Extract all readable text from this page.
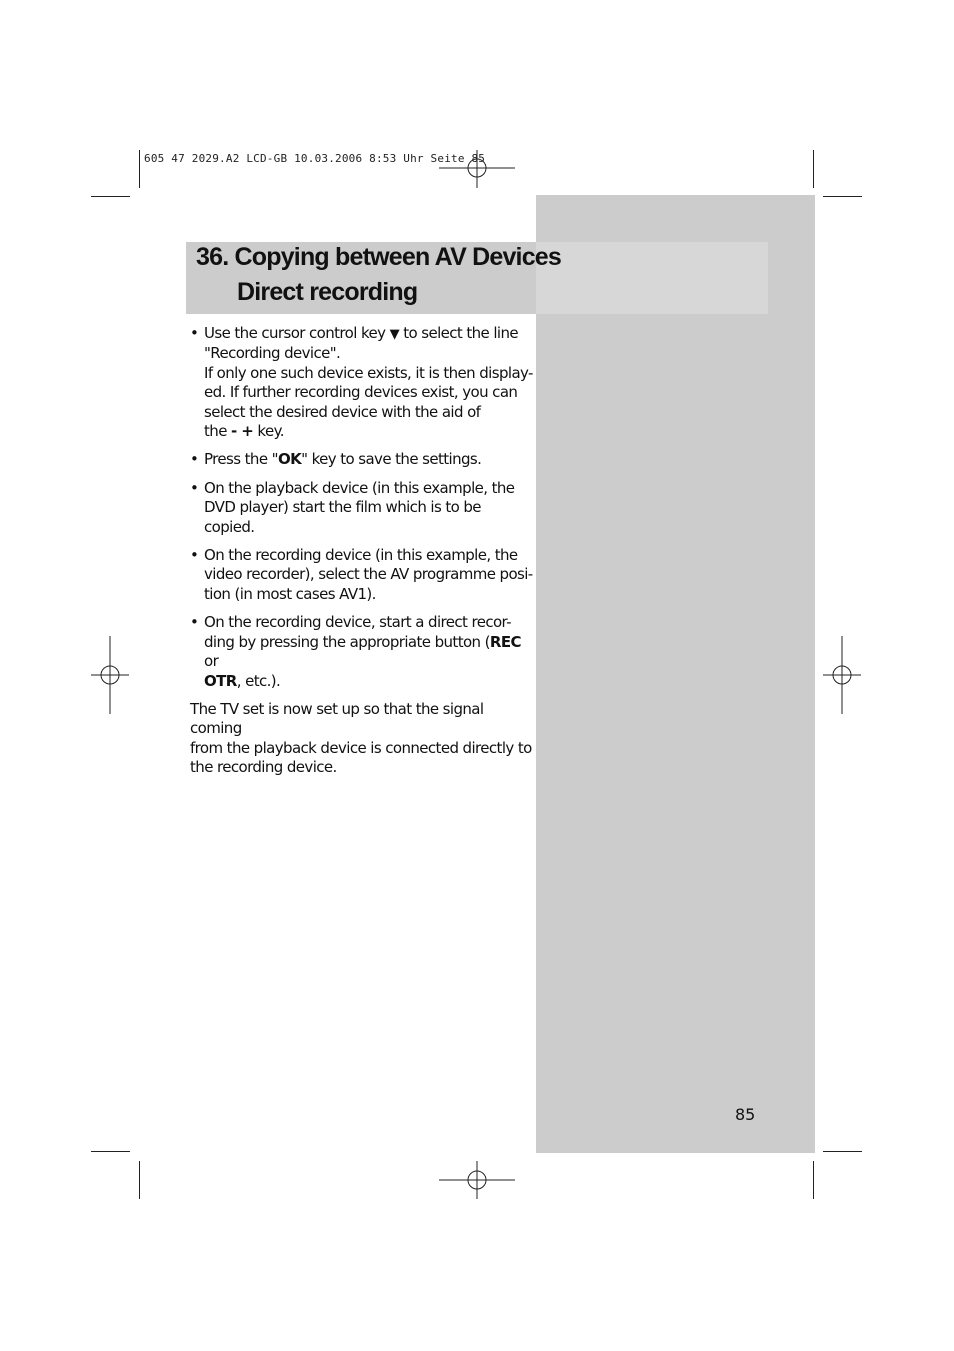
605 47 2029.A2 LCD-GB 10.03.2006 8:53 Uhr Seite 85
36. Copying between AV Devices
Direct recording
• Use the cursor control key ▼ to select the line
"Recording device".
If only one such device exists, it is then display-
ed. If further recording devices exist, you can
select the desired device with the aid of
the - + key.
• Press the "OK" key to save the settings.
• On the playback device (in this example, the
DVD player) start the film which is to be copied.
• On the recording device (in this example, the
video recorder), select the AV programme posi-
tion (in most cases AV1).
• On the recording device, start a direct recor-
ding by pressing the appropriate button (REC or
OTR, etc.).
The TV set is now set up so that the signal coming
from the playback device is connected directly to
the recording device.
85
